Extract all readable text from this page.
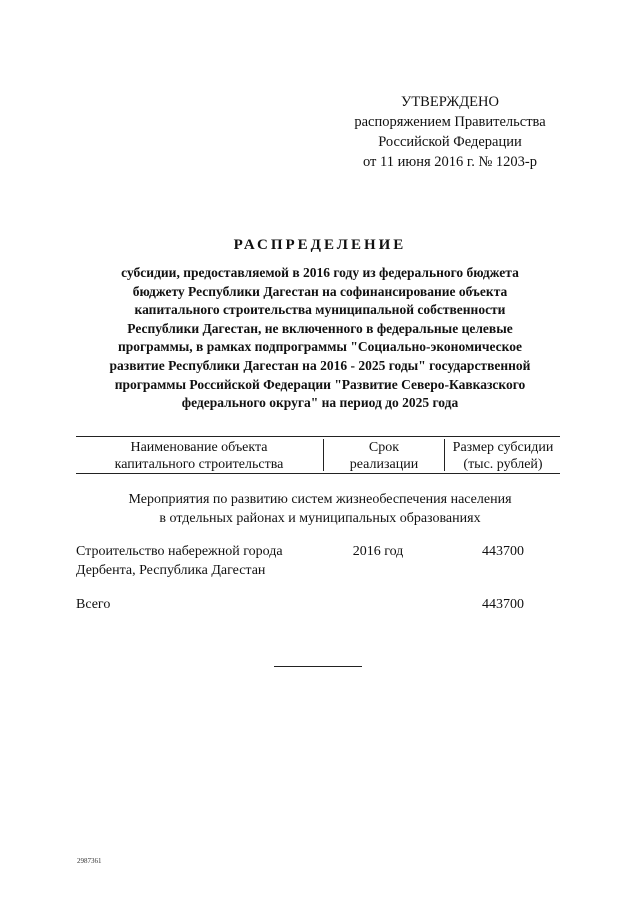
УТВЕРЖДЕНО
распоряжением Правительства
Российской Федерации
от 11 июня 2016 г. № 1203-р
РАСПРЕДЕЛЕНИЕ
субсидии, предоставляемой в 2016 году из федерального бюджета
бюджету Республики Дагестан на софинансирование объекта
капитального строительства муниципальной собственности
Республики Дагестан, не включенного в федеральные целевые
программы, в рамках подпрограммы "Социально-экономическое
развитие Республики Дагестан на 2016 - 2025 годы" государственной
программы Российской Федерации "Развитие Северо-Кавказского
федерального округа" на период до 2025 года
Наименование объекта
капитального строительства
Срок
реализации
Размер субсидии
(тыс. рублей)
Мероприятия по развитию систем жизнеобеспечения населения
в отдельных районах и муниципальных образованиях
Строительство набережной города
Дербента, Республика Дагестан
2016 год	443700
Всего	443700
2987361
